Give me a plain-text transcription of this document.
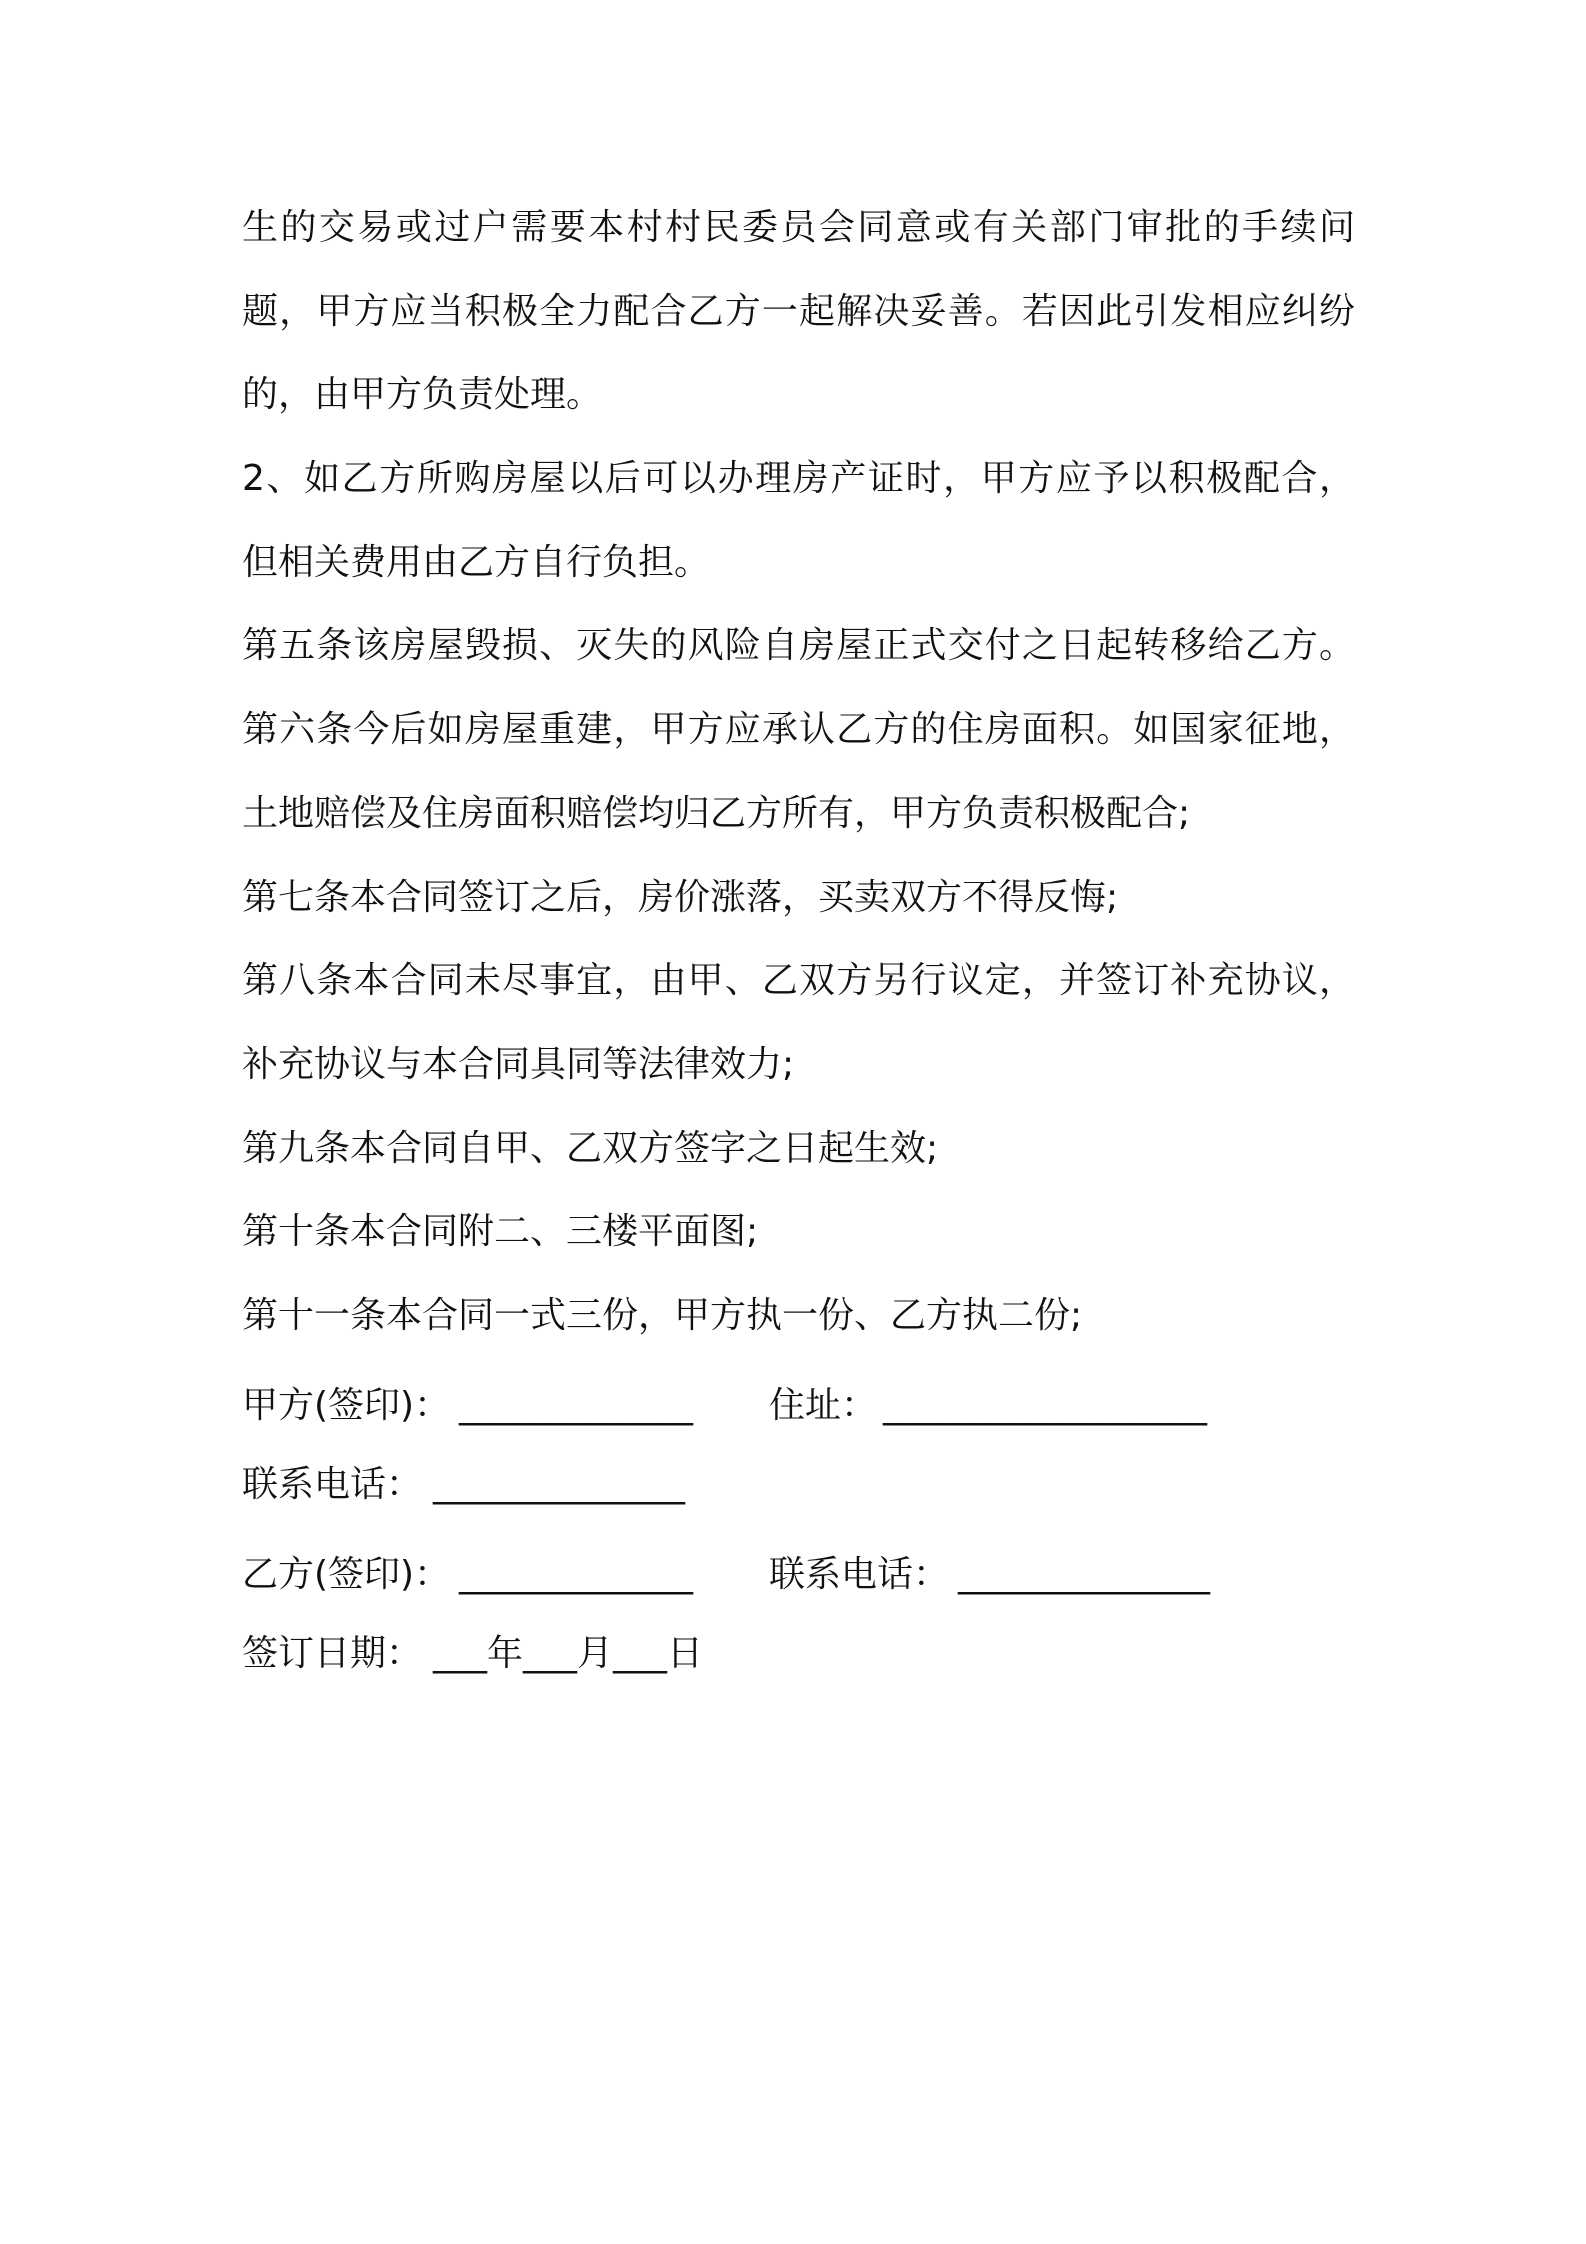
生的交易或过户需要本村村民委员会同意或有关部门审批的手续问
题，甲方应当积极全力配合乙方一起解决妥善。若因此引发相应纠纷
的，由甲方负责处理。
2、如乙方所购房屋以后可以办理房产证时，甲方应予以积极配合，
但相关费用由乙方自行负担。
第五条该房屋毁损、灭失的风险自房屋正式交付之日起转移给乙方。
第六条今后如房屋重建，甲方应承认乙方的住房面积。如国家征地，
土地赔偿及住房面积赔偿均归乙方所有，甲方负责积极配合;
第七条本合同签订之后，房价涨落，买卖双方不得反悔;
第八条本合同未尽事宜，由甲、乙双方另行议定，并签订补充协议，
补充协议与本合同具同等法律效力;
第九条本合同自甲、乙双方签字之日起生效;
第十条本合同附二、三楼平面图;
第十一条本合同一式三份，甲方执一份、乙方执二份;
甲方(签印)： _____________ 住址： __________________
联系电话： ______________
乙方(签印)： _____________ 联系电话： ______________
签订日期： ___年___月___日
